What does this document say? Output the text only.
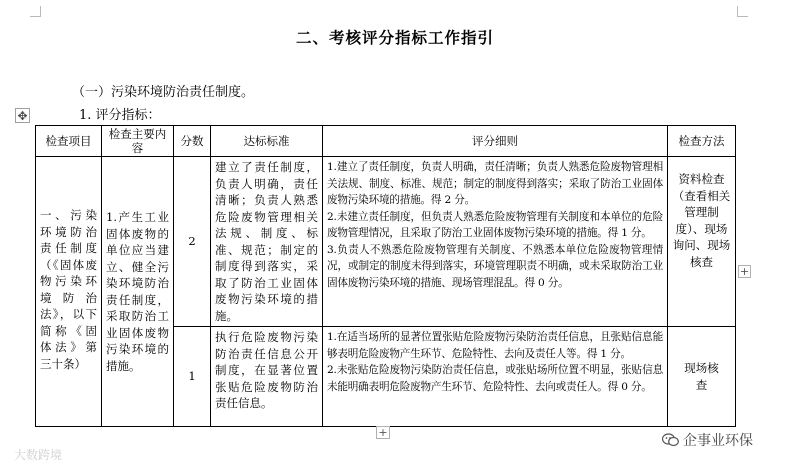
二、考核评分指标工作指引
（一）污染环境防治责任制度。
1. 评分指标：
✥
检查项目	检查主要内容	分数	达标标准	评分细则	检查方法
一、污染环境防治责任制度（《固体废物污染环境防治法》，以下简称《固体法》第三十条）	1.产生工业固体废物的单位应当建立、健全污染环境防治责任制度，采取防治工业固体废物污染环境的措施。	2	建立了责任制度，负责人明确，责任清晰；负责人熟悉危险废物管理相关法规、制度、标准、规范；制定的制度得到落实，采取了防治工业固体废物污染环境的措施。	1.建立了责任制度，负责人明确，责任清晰；负责人熟悉危险废物管理相关法规、制度、标准、规范；制定的制度得到落实；采取了防治工业固体废物污染环境的措施。得 2 分。
2.未建立责任制度，但负责人熟悉危险废物管理有关制度和本单位的危险废物管理情况，且采取了防治工业固体废物污染环境的措施。得 1 分。
3.负责人不熟悉危险废物管理有关制度、不熟悉本单位危险废物管理情况，或制定的制度未得到落实，环境管理职责不明确，或未采取防治工业固体废物污染环境的措施、现场管理混乱。得 0 分。	资料检查（查看相关管理制度）、现场询问、现场核查
		1	执行危险废物污染防治责任信息公开制度，在显著位置张贴危险废物防治责任信息。	1.在适当场所的显著位置张贴危险废物污染防治责任信息，且张贴信息能够表明危险废物产生环节、危险特性、去向及责任人等。得 1 分。
2.未张贴危险废物污染防治责任信息，或张贴场所位置不明显，张贴信息未能明确表明危险废物产生环节、危险特性、去向或责任人。得 0 分。	现场核查
+
+
大数跨境
企事业环保
